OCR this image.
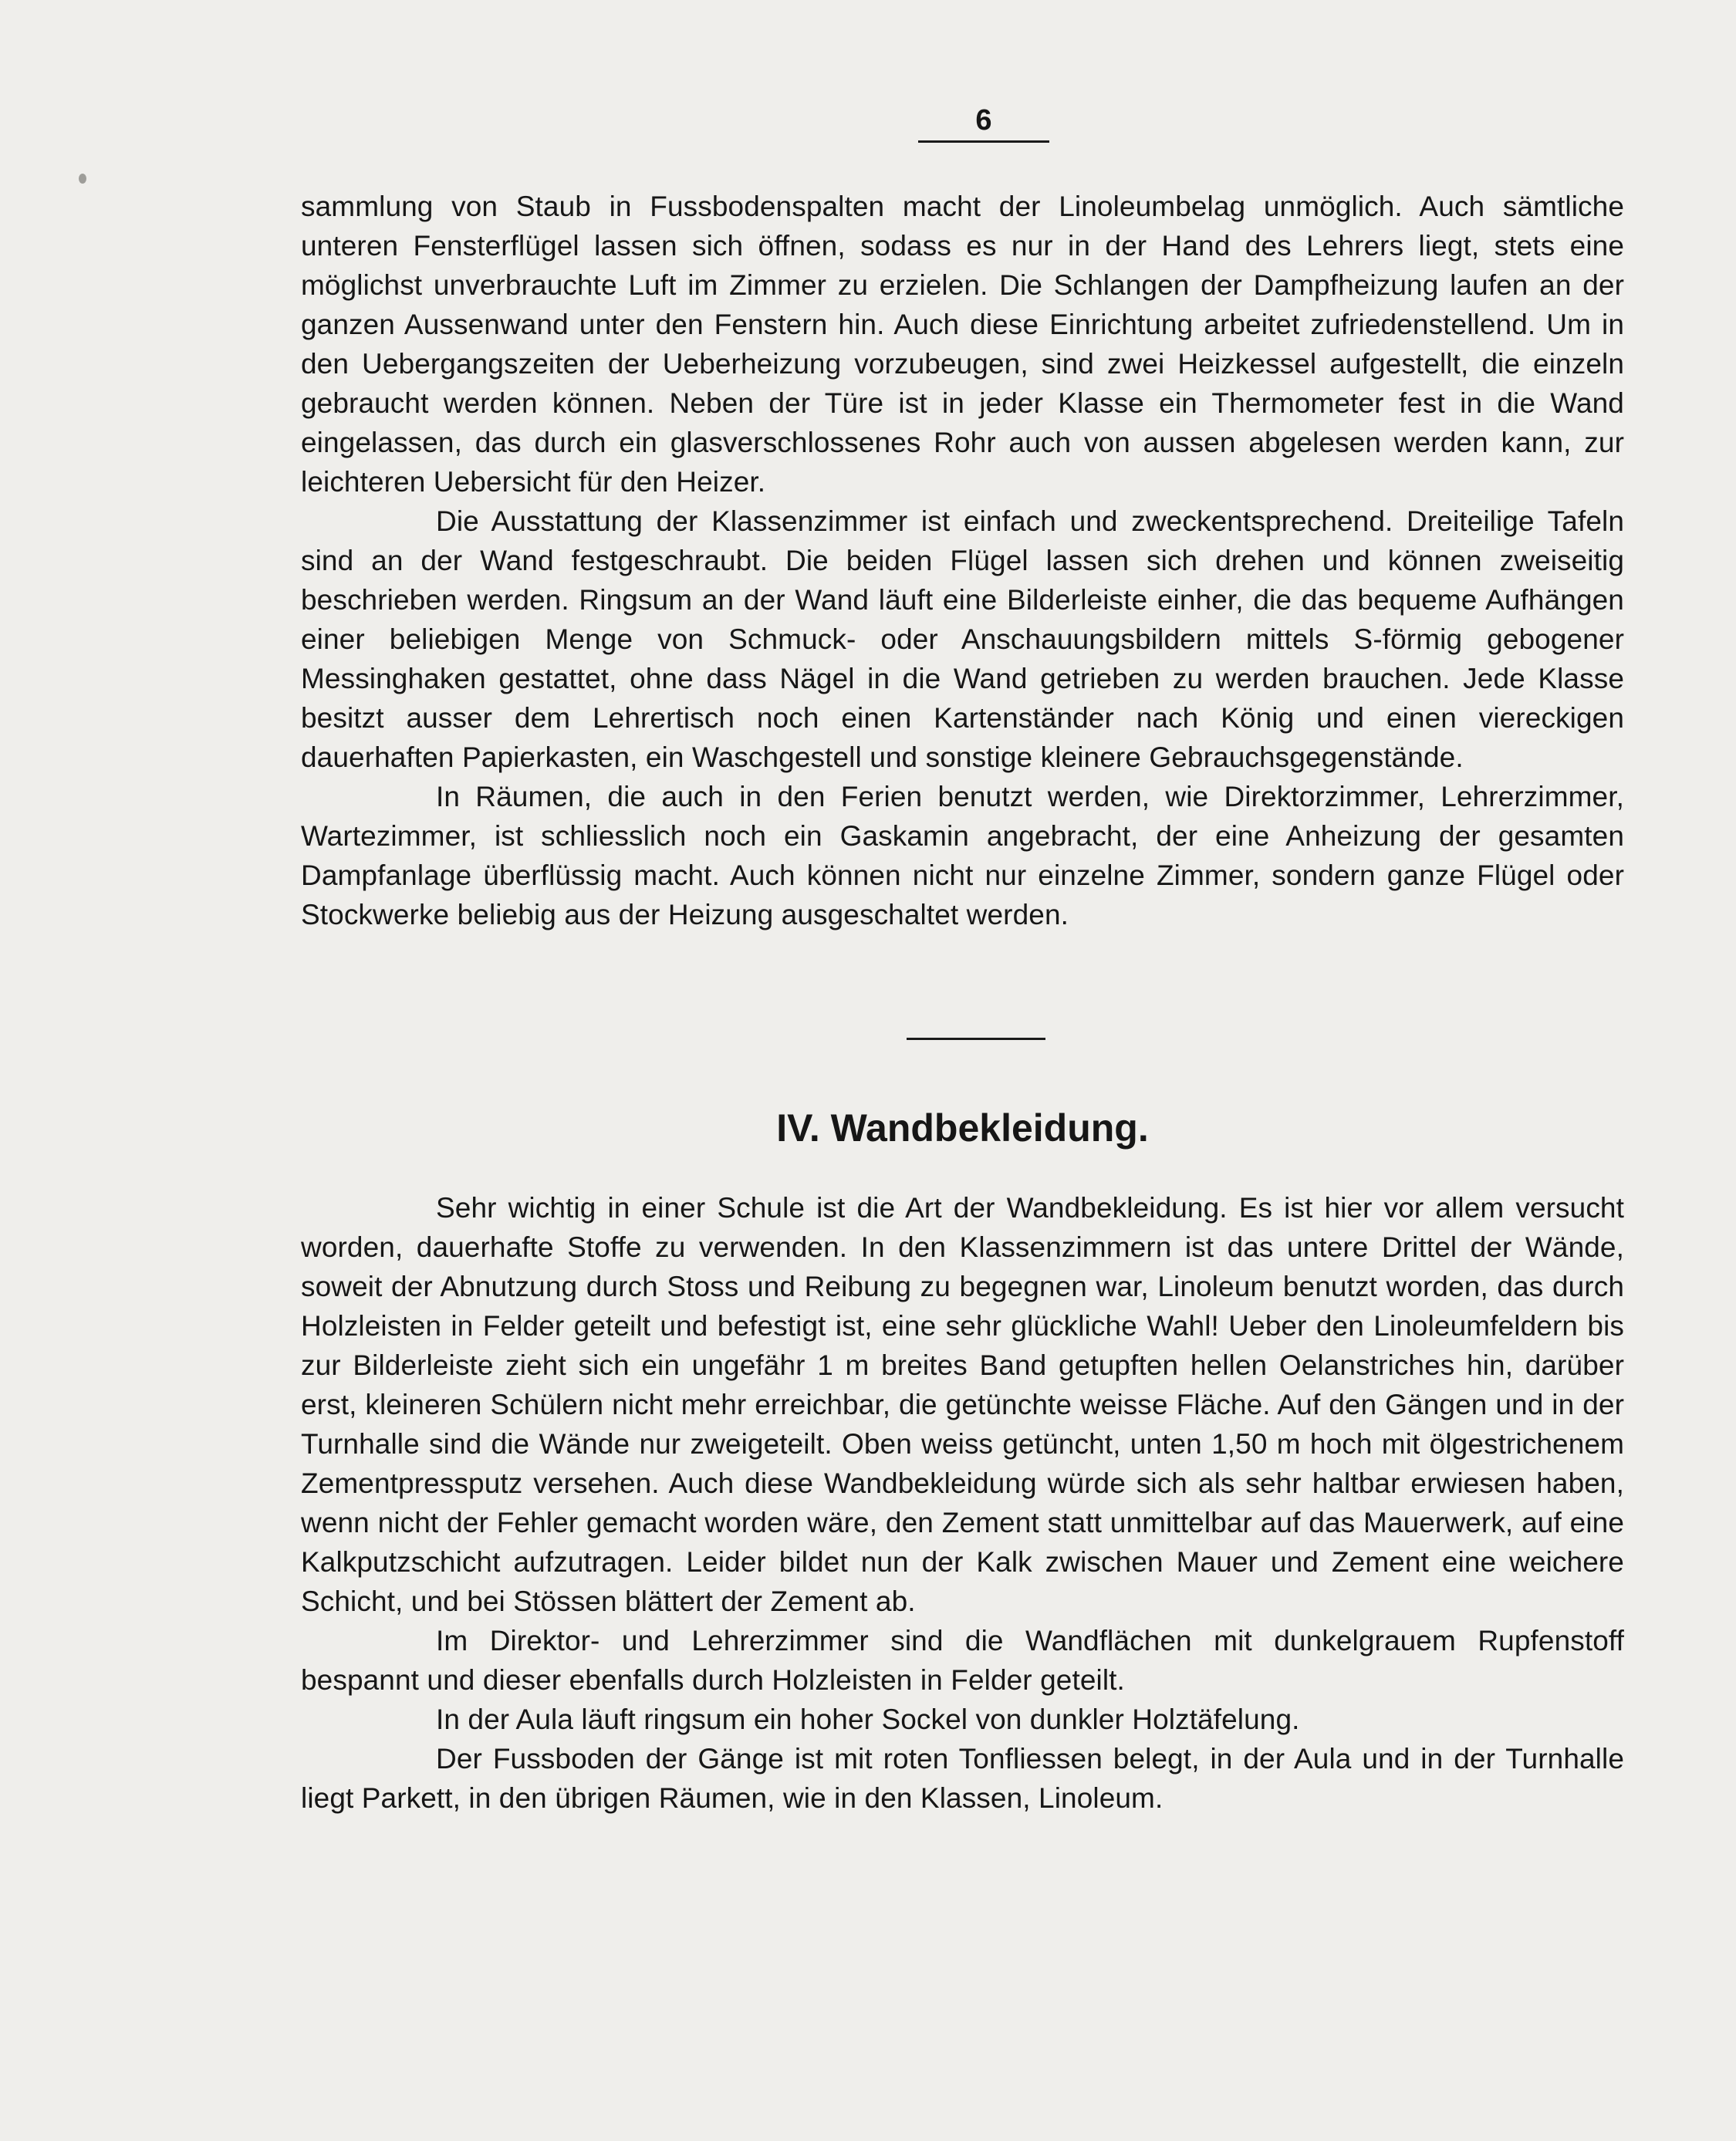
6

sammlung von Staub in Fussbodenspalten macht der Linoleumbelag unmöglich. Auch sämtliche unteren Fensterflügel lassen sich öffnen, sodass es nur in der Hand des Lehrers liegt, stets eine möglichst unverbrauchte Luft im Zimmer zu erzielen. Die Schlangen der Dampfheizung laufen an der ganzen Aussenwand unter den Fenstern hin. Auch diese Einrichtung arbeitet zufriedenstellend. Um in den Uebergangszeiten der Ueberheizung vorzubeugen, sind zwei Heizkessel aufgestellt, die einzeln gebraucht werden können. Neben der Türe ist in jeder Klasse ein Thermometer fest in die Wand eingelassen, das durch ein glasverschlossenes Rohr auch von aussen abgelesen werden kann, zur leichteren Uebersicht für den Heizer.

Die Ausstattung der Klassenzimmer ist einfach und zweckentsprechend. Dreiteilige Tafeln sind an der Wand festgeschraubt. Die beiden Flügel lassen sich drehen und können zweiseitig beschrieben werden. Ringsum an der Wand läuft eine Bilderleiste einher, die das bequeme Aufhängen einer beliebigen Menge von Schmuck- oder Anschauungsbildern mittels S-förmig gebogener Messinghaken gestattet, ohne dass Nägel in die Wand getrieben zu werden brauchen. Jede Klasse besitzt ausser dem Lehrertisch noch einen Kartenständer nach König und einen viereckigen dauerhaften Papierkasten, ein Waschgestell und sonstige kleinere Gebrauchsgegenstände.

In Räumen, die auch in den Ferien benutzt werden, wie Direktorzimmer, Lehrerzimmer, Wartezimmer, ist schliesslich noch ein Gaskamin angebracht, der eine Anheizung der gesamten Dampfanlage überflüssig macht. Auch können nicht nur einzelne Zimmer, sondern ganze Flügel oder Stockwerke beliebig aus der Heizung ausgeschaltet werden.

IV. Wandbekleidung.

Sehr wichtig in einer Schule ist die Art der Wandbekleidung. Es ist hier vor allem versucht worden, dauerhafte Stoffe zu verwenden. In den Klassenzimmern ist das untere Drittel der Wände, soweit der Abnutzung durch Stoss und Reibung zu begegnen war, Linoleum benutzt worden, das durch Holzleisten in Felder geteilt und befestigt ist, eine sehr glückliche Wahl! Ueber den Linoleumfeldern bis zur Bilderleiste zieht sich ein ungefähr 1 m breites Band getupften hellen Oelanstriches hin, darüber erst, kleineren Schülern nicht mehr erreichbar, die getünchte weisse Fläche. Auf den Gängen und in der Turnhalle sind die Wände nur zweigeteilt. Oben weiss getüncht, unten 1,50 m hoch mit ölgestrichenem Zementpressputz versehen. Auch diese Wandbekleidung würde sich als sehr haltbar erwiesen haben, wenn nicht der Fehler gemacht worden wäre, den Zement statt unmittelbar auf das Mauerwerk, auf eine Kalkputzschicht aufzutragen. Leider bildet nun der Kalk zwischen Mauer und Zement eine weichere Schicht, und bei Stössen blättert der Zement ab.

Im Direktor- und Lehrerzimmer sind die Wandflächen mit dunkelgrauem Rupfenstoff bespannt und dieser ebenfalls durch Holzleisten in Felder geteilt.

In der Aula läuft ringsum ein hoher Sockel von dunkler Holztäfelung.

Der Fussboden der Gänge ist mit roten Tonfliessen belegt, in der Aula und in der Turnhalle liegt Parkett, in den übrigen Räumen, wie in den Klassen, Linoleum.
